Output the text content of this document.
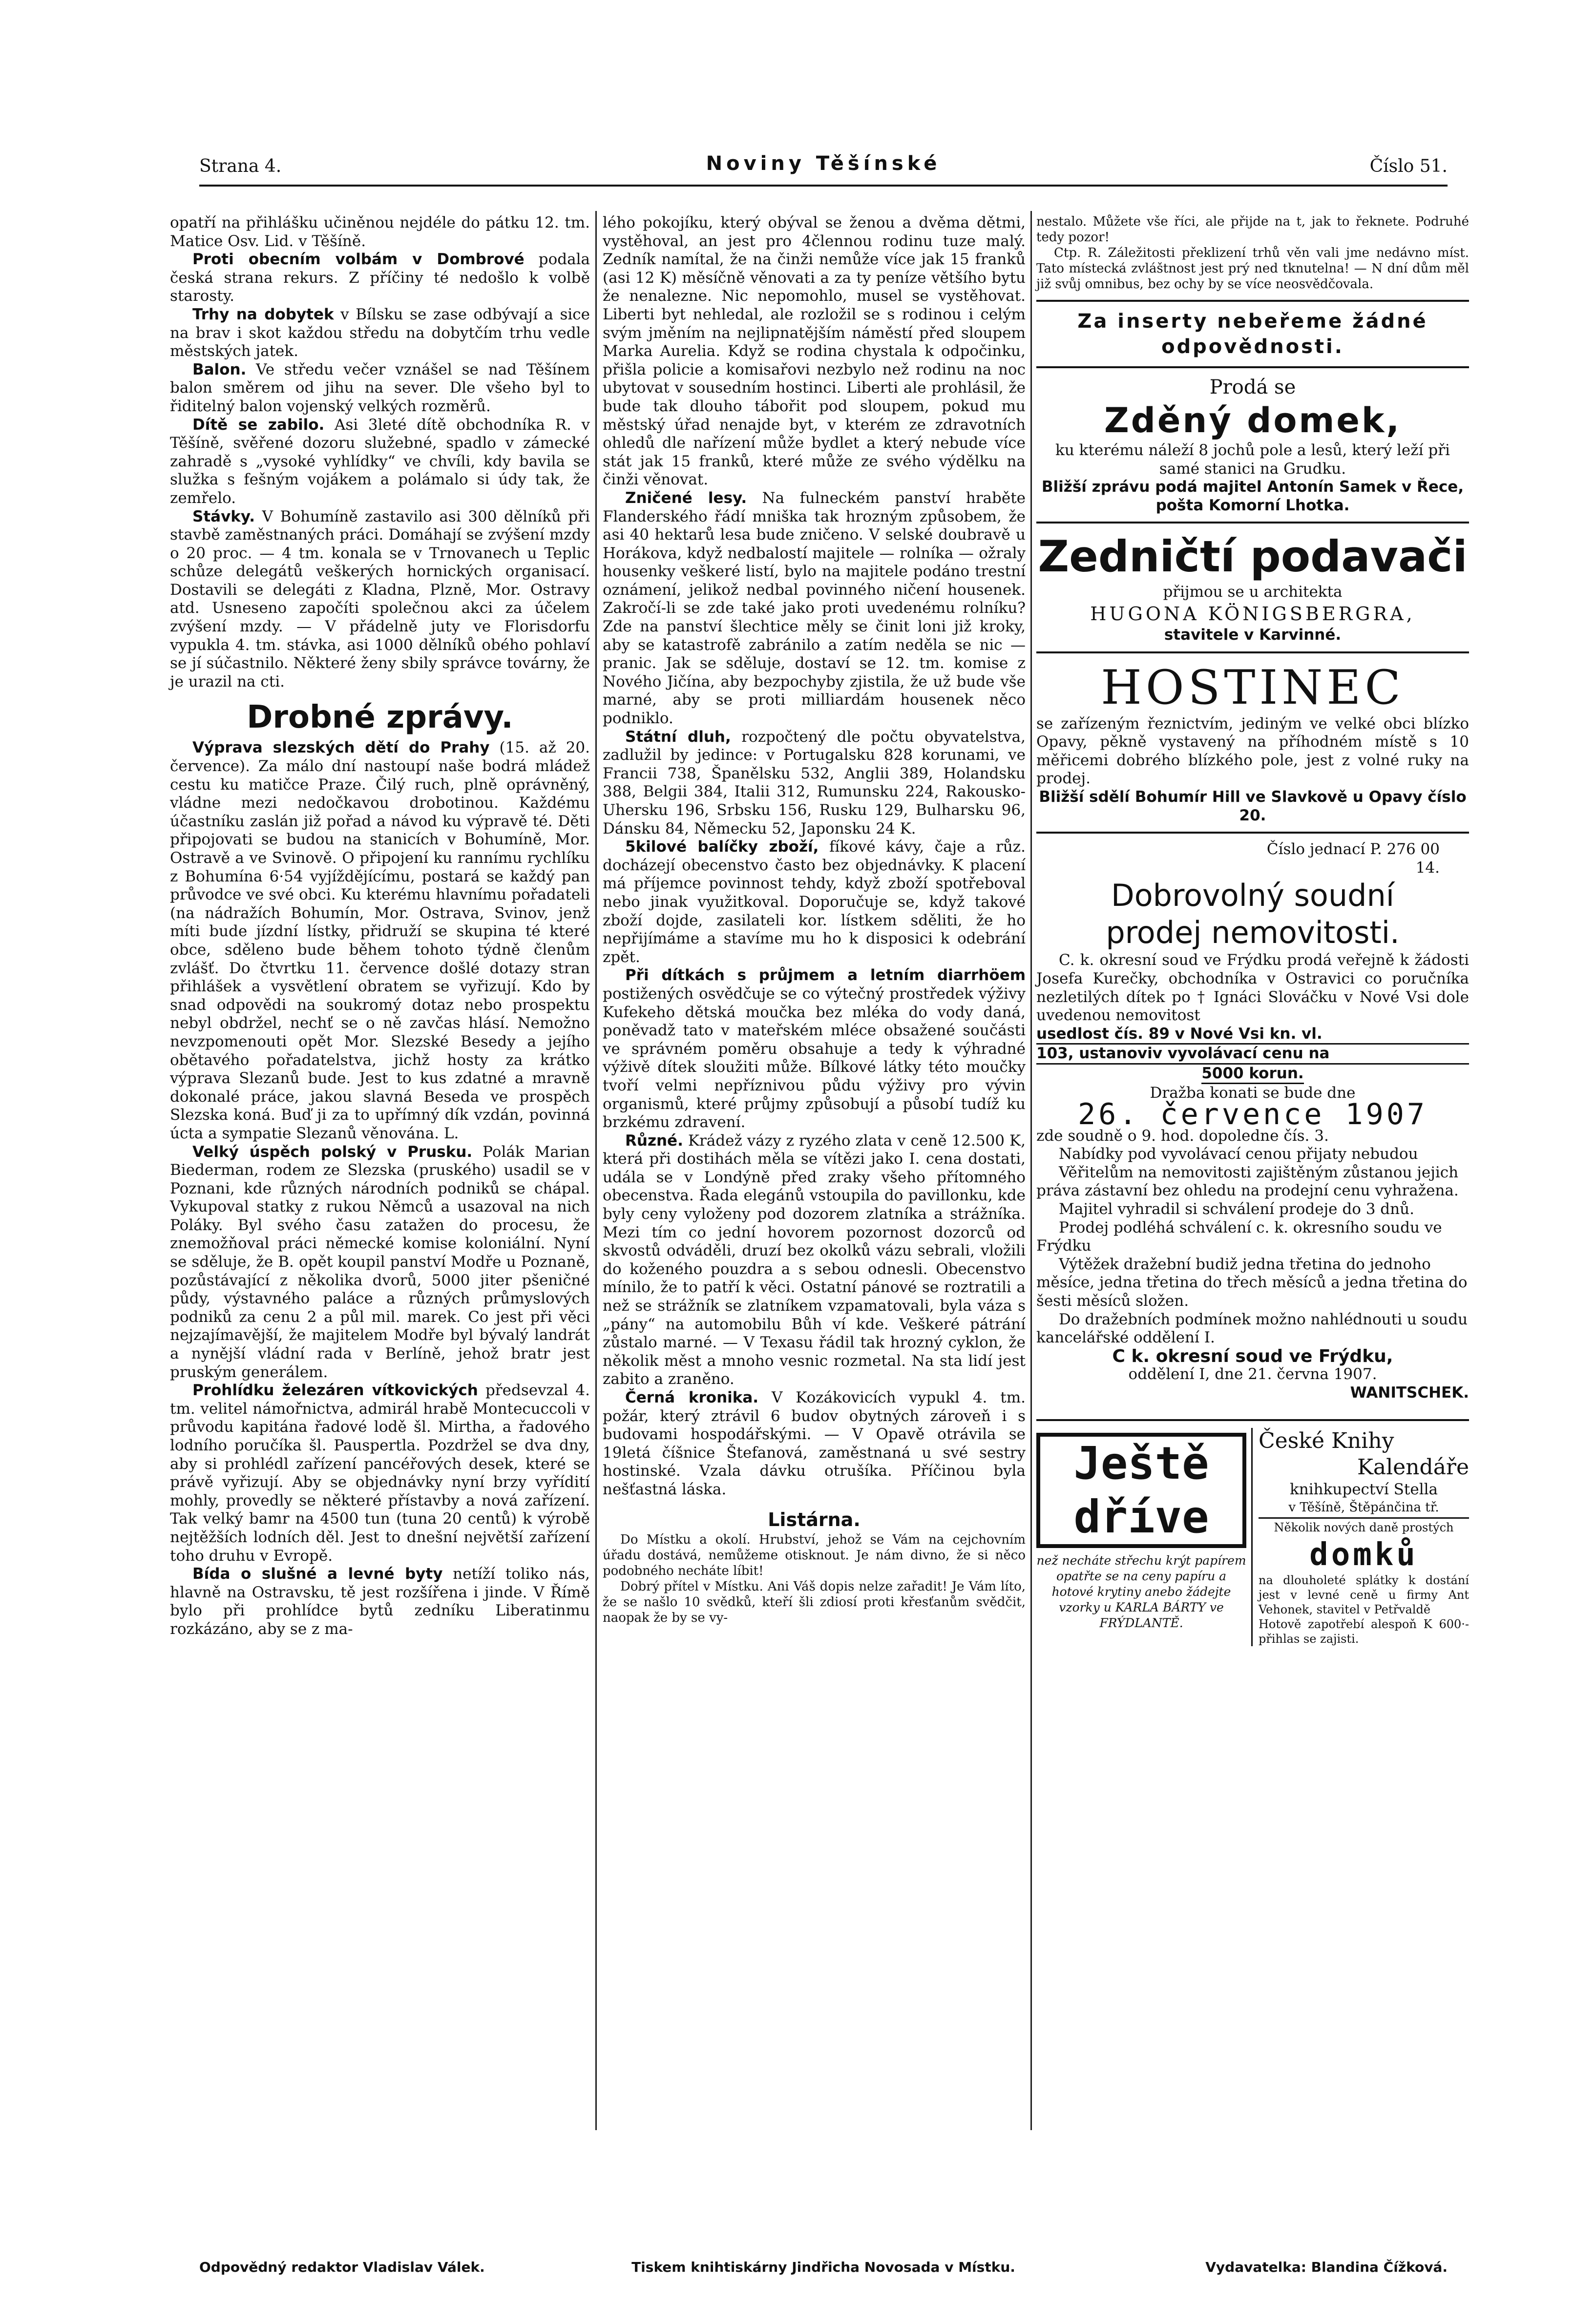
Strana 4.	Noviny Těšínské	Číslo 51.

opatří na přihlášku učiněnou nejdéle do pátku 12. tm. Matice Osv. Lid. v Těšíně.

Proti obecním volbám v Dombrové podala česká strana rekurs. Z příčiny té nedošlo k volbě starosty.

Trhy na dobytek v Bílsku se zase odbývají a sice na brav i skot každou středu na dobytčím trhu vedle městských jatek.

Balon. Ve středu večer vznášel se nad Těšínem balon směrem od jihu na sever. Dle všeho byl to řiditelný balon vojenský velkých rozměrů.

Dítě se zabilo. Asi 3leté dítě obchodníka R. v Těšíně, svěřené dozoru služebné, spadlo v zámecké zahradě s „vysoké vyhlídky“ ve chvíli, kdy bavila se služka s fešným vojákem a polámalo si údy tak, že zemřelo.

Stávky. V Bohumíně zastavilo asi 300 dělníků při stavbě zaměstnaných práci. Domáhají se zvýšení mzdy o 20 proc. — 4 tm. konala se v Trnovanech u Teplic schůze delegátů veškerých hornických organisací. Dostavili se delegáti z Kladna, Plzně, Mor. Ostravy atd. Usneseno započíti společnou akci za účelem zvýšení mzdy. — V přádelně juty ve Florisdorfu vypukla 4. tm. stávka, asi 1000 dělníků obého pohlaví se jí súčastnilo. Některé ženy sbily správce továrny, že je urazil na cti.

Drobné zprávy.

Výprava slezských dětí do Prahy (15. až 20. července). Za málo dní nastoupí naše bodrá mládež cestu ku matičce Praze. Čilý ruch, plně oprávněný, vládne mezi nedočkavou drobotinou. Každému účastníku zaslán již pořad a návod ku výpravě té. Děti připojovati se budou na stanicích v Bohumíně, Mor. Ostravě a ve Svinově. O připojení ku rannímu rychlíku z Bohumína 6·54 vyjíždějícímu, postará se každý pan průvodce ve své obci. Ku kterému hlavnímu pořadateli (na nádražích Bohumín, Mor. Ostrava, Svinov, jenž míti bude jízdní lístky, přidruží se skupina té které obce, sděleno bude během tohoto týdně členům zvlášť. Do čtvrtku 11. července došlé dotazy stran přihlášek a vysvětlení obratem se vyřizují. Kdo by snad odpovědi na soukromý dotaz nebo prospektu nebyl obdržel, nechť se o ně zavčas hlásí. Nemožno nevzpomenouti opět Mor. Slezské Besedy a jejího obětavého pořadatelstva, jichž hosty za krátko výprava Slezanů bude. Jest to kus zdatné a mravně dokonalé práce, jakou slavná Beseda ve prospěch Slezska koná. Buď ji za to upřímný dík vzdán, povinná úcta a sympatie Slezanů věnována. L.

Velký úspěch polský v Prusku. Polák Marian Biederman, rodem ze Slezska (pruského) usadil se v Poznani, kde různých národních podniků se chápal. Vykupoval statky z rukou Němců a usazoval na nich Poláky. Byl svého času zatažen do procesu, že znemožňoval práci německé komise koloniální. Nyní se sděluje, že B. opět koupil panství Modře u Poznaně, pozůstávající z několika dvorů, 5000 jiter pšeničné půdy, výstavného paláce a různých průmyslových podniků za cenu 2 a půl mil. marek. Co jest při věci nejzajímavější, že majitelem Modře byl bývalý landrát a nynější vládní rada v Berlíně, jehož bratr jest pruským generálem.

Prohlídku železáren vítkovických předsevzal 4. tm. velitel námořnictva, admirál hrabě Montecuccoli v průvodu kapitána řadové lodě šl. Mirtha, a řadového lodního poručíka šl. Pauspertla. Pozdržel se dva dny, aby si prohlédl zařízení pancéřových desek, které se právě vyřizují. Aby se objednávky nyní brzy vyřídití mohly, provedly se některé přístavby a nová zařízení. Tak velký bamr na 4500 tun (tuna 20 centů) k výrobě nejtěžších lodních děl. Jest to dnešní největší zařízení toho druhu v Evropě.

Bída o slušné a levné byty netíží toliko nás, hlavně na Ostravsku, tě jest rozšířena i jinde. V Římě bylo při prohlídce bytů zedníku Liberatinmu rozkázáno, aby se z ma-

lého pokojíku, který obýval se ženou a dvěma dětmi, vystěhoval, an jest pro 4člennou rodinu tuze malý. Zedník namítal, že na činži nemůže více jak 15 franků (asi 12 K) měsíčně věnovati a za ty peníze většího bytu že nenalezne. Nic nepomohlo, musel se vystěhovat. Liberti byt nehledal, ale rozložil se s rodinou i celým svým jměním na nejlipnatějším náměstí před sloupem Marka Aurelia. Když se rodina chystala k odpočinku, přišla policie a komisařovi nezbylo než rodinu na noc ubytovat v sousedním hostinci. Liberti ale prohlásil, že bude tak dlouho tábořit pod sloupem, pokud mu městský úřad nenajde byt, v kterém ze zdravotních ohledů dle nařízení může bydlet a který nebude více stát jak 15 franků, které může ze svého výdělku na činži věnovat.

Zničené lesy. Na fulneckém panství hraběte Flanderského řádí mniška tak hrozným způsobem, že asi 40 hektarů lesa bude zničeno. V selské doubravě u Horákova, když nedbalostí majitele — rolníka — ožraly housenky veškeré listí, bylo na majitele podáno trestní oznámení, jelikož nedbal povinného ničení housenek. Zakročí-li se zde také jako proti uvedenému rolníku? Zde na panství šlechtice měly se činit loni již kroky, aby se katastrofě zabránilo a zatím neděla se nic — pranic. Jak se sděluje, dostaví se 12. tm. komise z Nového Jičína, aby bezpochyby zjistila, že už bude vše marné, aby se proti milliardám housenek něco podniklo.

Státní dluh, rozpočtený dle počtu obyvatelstva, zadlužil by jedince: v Portugalsku 828 korunami, ve Francii 738, Španělsku 532, Anglii 389, Holandsku 388, Belgii 384, Italii 312, Rumunsku 224, Rakousko-Uhersku 196, Srbsku 156, Rusku 129, Bulharsku 96, Dánsku 84, Německu 52, Japonsku 24 K.

5kilové balíčky zboží, fíkové kávy, čaje a růz. docházejí obecenstvo často bez objednávky. K placení má příjemce povinnost tehdy, když zboží spotřeboval nebo jinak využitkoval. Doporučuje se, když takové zboží dojde, zasilateli kor. lístkem sděliti, že ho nepřijímáme a stavíme mu ho k disposici k odebrání zpět.

Při dítkách s průjmem a letním diarrhöem postižených osvědčuje se co výtečný prostředek výživy Kufekeho dětská moučka bez mléka do vody daná, poněvadž tato v mateřském mléce obsažené součásti ve správném poměru obsahuje a tedy k výhradné výživě dítek sloužiti může. Bílkové látky této moučky tvoří velmi nepříznivou půdu výživy pro vývin organismů, které průjmy způsobují a působí tudíž ku brzkému zdravení.

Různé. Krádež vázy z ryzého zlata v ceně 12.500 K, která při dostihách měla se vítězi jako I. cena dostati, udála se v Londýně před zraky všeho přítomného obecenstva. Řada elegánů vstoupila do pavillonku, kde byly ceny vyloženy pod dozorem zlatníka a strážníka. Mezi tím co jední hovorem pozornost dozorců od skvostů odváděli, druzí bez okolků vázu sebrali, vložili do koženého pouzdra a s sebou odnesli. Obecenstvo mínilo, že to patří k věci. Ostatní pánové se roztratili a než se strážník se zlatníkem vzpamatovali, byla váza s „pány“ na automobilu Bůh ví kde. Veškeré pátrání zůstalo marné. — V Texasu řádil tak hrozný cyklon, že několik měst a mnoho vesnic rozmetal. Na sta lidí jest zabito a zraněno.

Černá kronika. V Kozákovicích vypukl 4. tm. požár, který ztrávil 6 budov obytných zároveň i s budovami hospodářskými. — V Opavě otrávila se 19letá číšnice Štefanová, zaměstnaná u své sestry hostinské. Vzala dávku otrušíka. Příčinou byla nešťastná láska.

Listárna.

Do Místku a okolí. Hrubství, jehož se Vám na cejchovním úřadu dostává, nemůžeme otisknout. Je nám divno, že si něco podobného necháte líbit!

Dobrý přítel v Místku. Ani Váš dopis nelze zařadit! Je Vám líto, že se našlo 10 svědků, kteří šli zdiosí proti křesťanům svědčit, naopak že by se vy-

nestalo. Můžete vše říci, ale přijde na t, jak to řeknete. Podruhé tedy pozor!

Ctp. R. Záležitosti překlizení trhů věn vali jme nedávno míst. Tato místecká zvláštnost jest prý ned tknutelna! — N dní dům měl již svůj omnibus, bez ochy by se více neosvědčovala.

Za inserty nebeřeme žádné odpovědnosti.
Prodá se
Zděný domek,
ku kterému náleží 8 jochů pole a lesů, který leží při samé stanici na Grudku.
Bližší zprávu podá majitel Antonín Samek v Řece, pošta Komorní Lhotka.
Zedničtí podavači
přijmou se u architekta
HUGONA KÖNIGSBERGRA,
stavitele v Karvinné.
HOSTINEC
se zařízeným řeznictvím, jediným ve velké obci blízko Opavy, pěkně vystavený na příhodném místě s 10 měřicemi dobrého blízkého pole, jest z volné ruky na prodej.
Bližší sdělí Bohumír Hill ve Slavkově u Opavy číslo 20.
Číslo jednací P. 276 00
14.
Dobrovolný soudní
prodej nemovitosti.

C. k. okresní soud ve Frýdku prodá veřejně k žádosti Josefa Kurečky, obchodníka v Ostravici co poručníka nezletilých dítek po † Ignáci Slováčku v Nové Vsi dole uvedenou nemovitost

usedlost čís. 89 v Nové Vsi kn. vl.
103, ustanoviv vyvolávací cenu na
5000 korun.
Dražba konati se bude dne
26. července 1907

zde soudně o 9. hod. dopoledne čís. 3.

Nabídky pod vyvolávací cenou přijaty nebudou

Věřitelům na nemovitosti zajištěným zůstanou jejich práva zástavní bez ohledu na prodejní cenu vyhražena.

Majitel vyhradil si schválení prodeje do 3 dnů.

Prodej podléhá schválení c. k. okresního soudu ve Frýdku

Výtěžek dražební budiž jedna třetina do jednoho měsíce, jedna třetina do třech měsíců a jedna třetina do šesti měsíců složen.

Do dražebních podmínek možno nahlédnouti u soudu kancelářské oddělení I.

C k. okresní soud ve Frýdku,
oddělení I, dne 21. června 1907.
WANITSCHEK.
Ještě dříve
než necháte střechu krýt papírem opatřte se na ceny papíru a hotové krytiny anebo žádejte vzorky u KARLA BÁRTY ve FRÝDLANTĚ.
České Knihy
Kalendáře
knihkupectví Stella
v Těšíně, Štěpánčina tř.
Několik nových daně prostých
domků
na dlouholeté splátky k dostání jest v levné ceně u firmy Ant Vehonek, stavitel v Petřvaldě
Hotově zapotřebí alespoň K 600·- přihlas se zajisti.
Odpovědný redaktor Vladislav Válek.	Tiskem knihtiskárny Jindřicha Novosada v Místku.	Vydavatelka: Blandina Čížková.
